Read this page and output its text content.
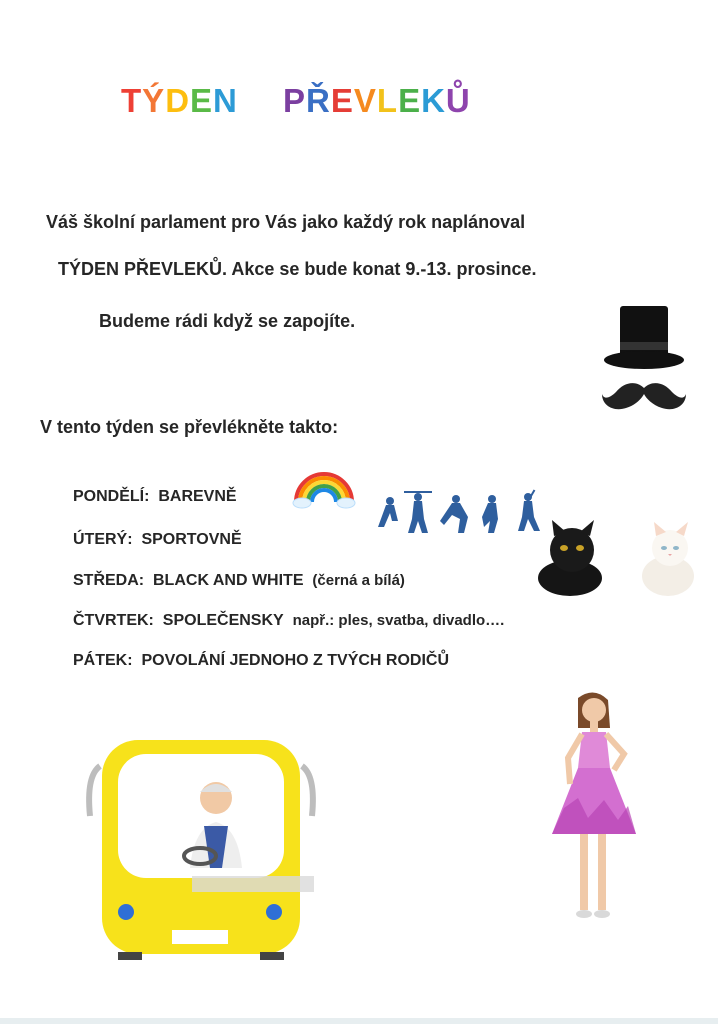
TÝDEN PŘEVLEKŮ
Váš školní parlament pro Vás jako každý rok naplánoval
TÝDEN PŘEVLEKŮ. Akce se bude konat 9.-13. prosince.
Budeme rádi když se zapojíte.
V tento týden se převlékněte takto:
PONDĚLÍ: BAREVNĚ
ÚTERÝ: SPORTOVNĚ
STŘEDA: BLACK AND WHITE (černá a bílá)
ČTVRTEK: SPOLEČENSKY např.: ples, svatba, divadlo….
PÁTEK: POVOLÁNÍ JEDNOHO Z TVÝCH RODIČŮ
